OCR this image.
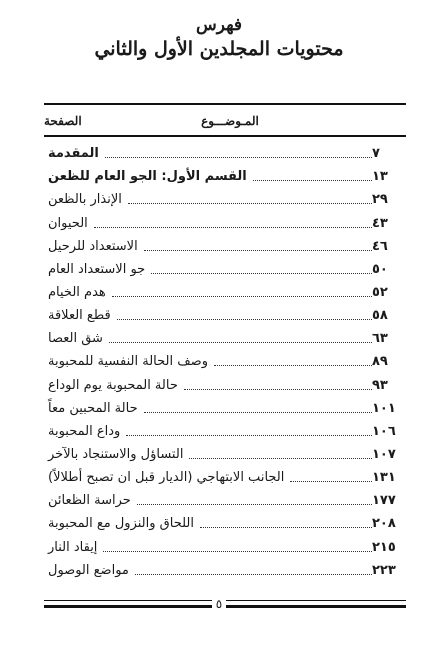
فهرس
محتويات المجلدين الأول والثاني
المـوضـــوع
الصفحة
المقدمة	٧
القسم الأول: الجو العام للظعن	١٣
الإنذار بالظعن	٢٩
الحيوان	٤٣
الاستعداد للرحيل	٤٦
جو الاستعداد العام	٥٠
هدم الخيام	٥٢
قطع العلاقة	٥٨
شق العصا	٦٣
وصف الحالة النفسية للمحبوبة	٨٩
حالة المحبوبة يوم الوداع	٩٣
حالة المحبين معاً	١٠١
وداع المحبوبة	١٠٦
التساؤل والاستنجاد بالآخر	١٠٧
الجانب الابتهاجي (الديار قبل ان تصبح أطلالاً)	١٣١
حراسة الظعائن	١٧٧
اللحاق والنزول مع المحبوبة	٢٠٨
إيقاد النار	٢١٥
مواضع الوصول	٢٢٣
٥
